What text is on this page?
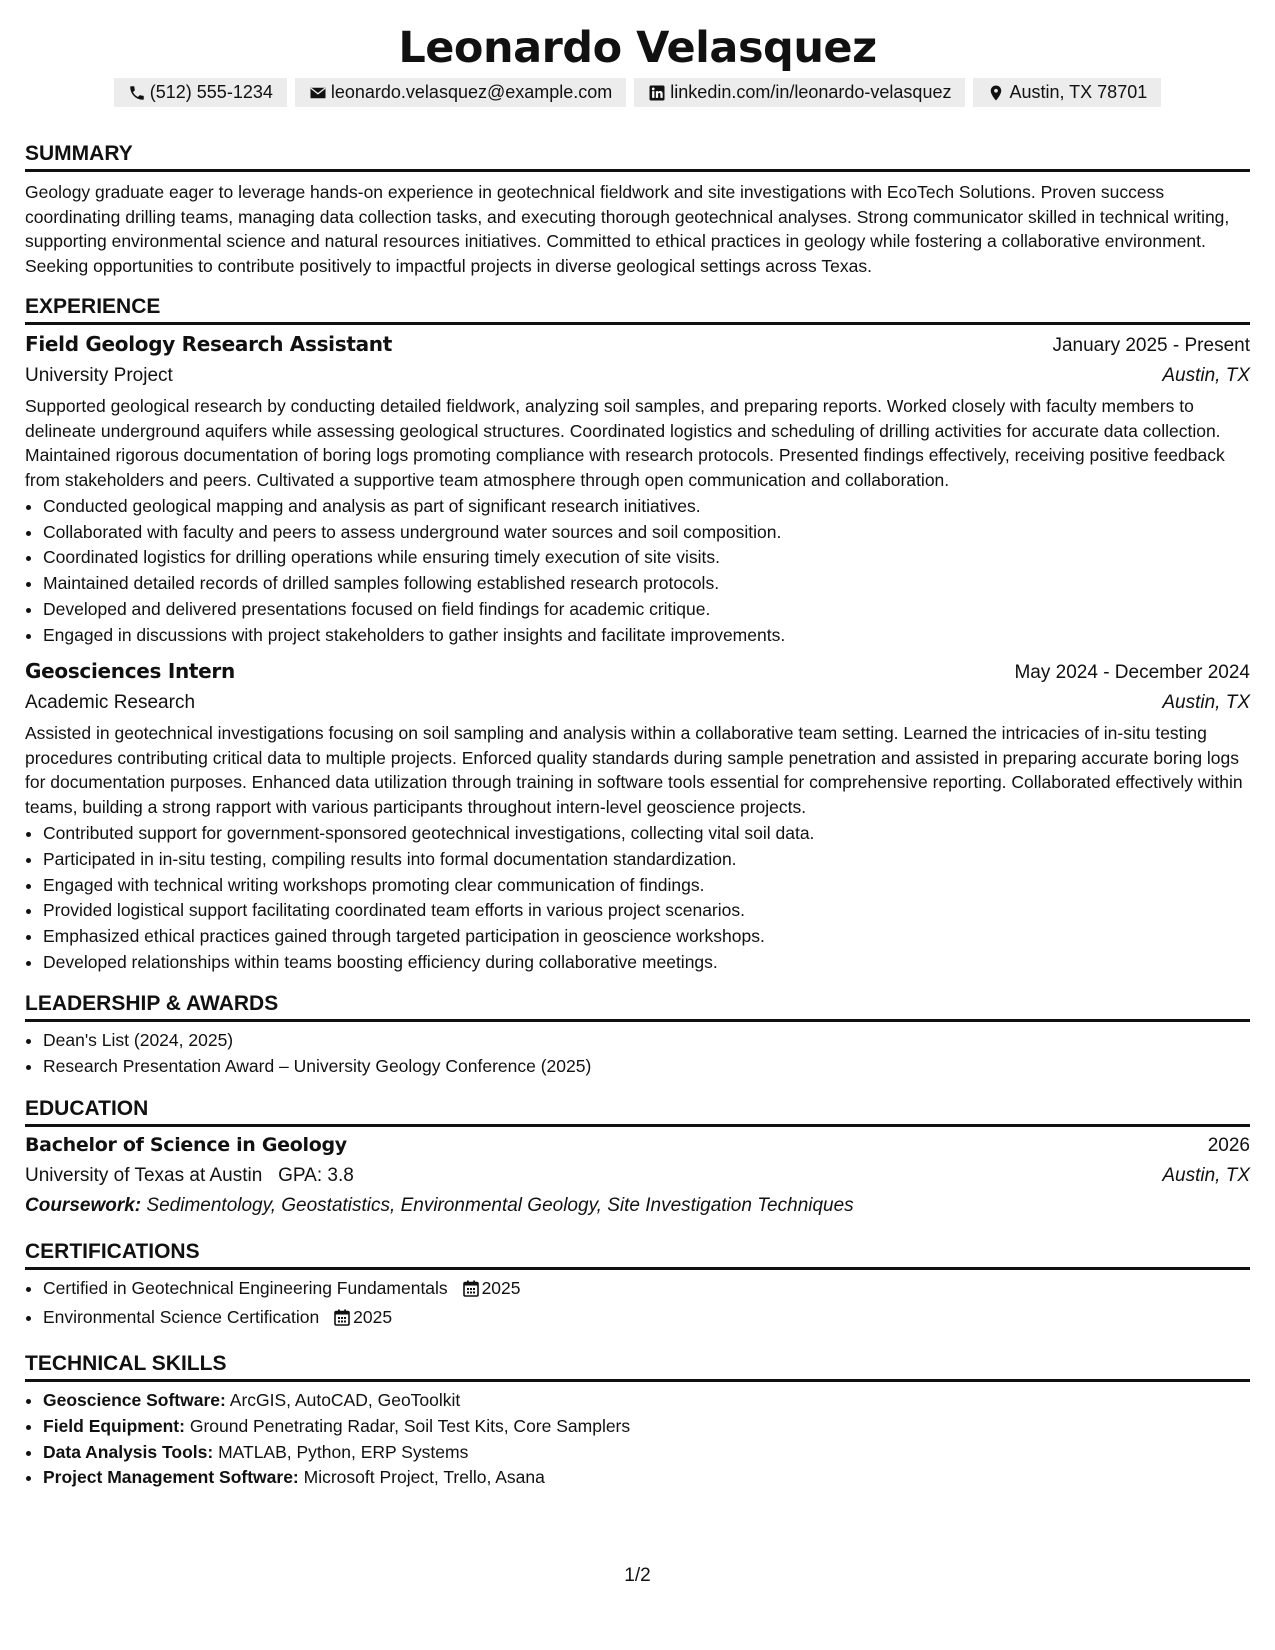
Leonardo Velasquez
(512) 555-1234	leonardo.velasquez@example.com	linkedin.com/in/leonardo-velasquez	Austin, TX 78701
SUMMARY

Geology graduate eager to leverage hands-on experience in geotechnical fieldwork and site investigations with EcoTech Solutions. Proven success coordinating drilling teams, managing data collection tasks, and executing thorough geotechnical analyses. Strong communicator skilled in technical writing, supporting environmental science and natural resources initiatives. Committed to ethical practices in geology while fostering a collaborative environment. Seeking opportunities to contribute positively to impactful projects in diverse geological settings across Texas.

EXPERIENCE
Field Geology Research Assistant	January 2025 - Present
University Project	Austin, TX

Supported geological research by conducting detailed fieldwork, analyzing soil samples, and preparing reports. Worked closely with faculty members to delineate underground aquifers while assessing geological structures. Coordinated logistics and scheduling of drilling activities for accurate data collection. Maintained rigorous documentation of boring logs promoting compliance with research protocols. Presented findings effectively, receiving positive feedback from stakeholders and peers. Cultivated a supportive team atmosphere through open communication and collaboration.

• Conducted geological mapping and analysis as part of significant research initiatives.
• Collaborated with faculty and peers to assess underground water sources and soil composition.
• Coordinated logistics for drilling operations while ensuring timely execution of site visits.
• Maintained detailed records of drilled samples following established research protocols.
• Developed and delivered presentations focused on field findings for academic critique.
• Engaged in discussions with project stakeholders to gather insights and facilitate improvements.
Geosciences Intern	May 2024 - December 2024
Academic Research	Austin, TX

Assisted in geotechnical investigations focusing on soil sampling and analysis within a collaborative team setting. Learned the intricacies of in-situ testing procedures contributing critical data to multiple projects. Enforced quality standards during sample penetration and assisted in preparing accurate boring logs for documentation purposes. Enhanced data utilization through training in software tools essential for comprehensive reporting. Collaborated effectively within teams, building a strong rapport with various participants throughout intern-level geoscience projects.

• Contributed support for government-sponsored geotechnical investigations, collecting vital soil data.
• Participated in in-situ testing, compiling results into formal documentation standardization.
• Engaged with technical writing workshops promoting clear communication of findings.
• Provided logistical support facilitating coordinated team efforts in various project scenarios.
• Emphasized ethical practices gained through targeted participation in geoscience workshops.
• Developed relationships within teams boosting efficiency during collaborative meetings.
LEADERSHIP & AWARDS
• Dean's List (2024, 2025)
• Research Presentation Award – University Geology Conference (2025)
EDUCATION
Bachelor of Science in Geology	2026
University of Texas at Austin GPA: 3.8	Austin, TX
Coursework: Sedimentology, Geostatistics, Environmental Geology, Site Investigation Techniques
CERTIFICATIONS
• Certified in Geotechnical Engineering Fundamentals 2025
• Environmental Science Certification 2025
TECHNICAL SKILLS
• Geoscience Software: ArcGIS, AutoCAD, GeoToolkit
• Field Equipment: Ground Penetrating Radar, Soil Test Kits, Core Samplers
• Data Analysis Tools: MATLAB, Python, ERP Systems
• Project Management Software: Microsoft Project, Trello, Asana
1/2
